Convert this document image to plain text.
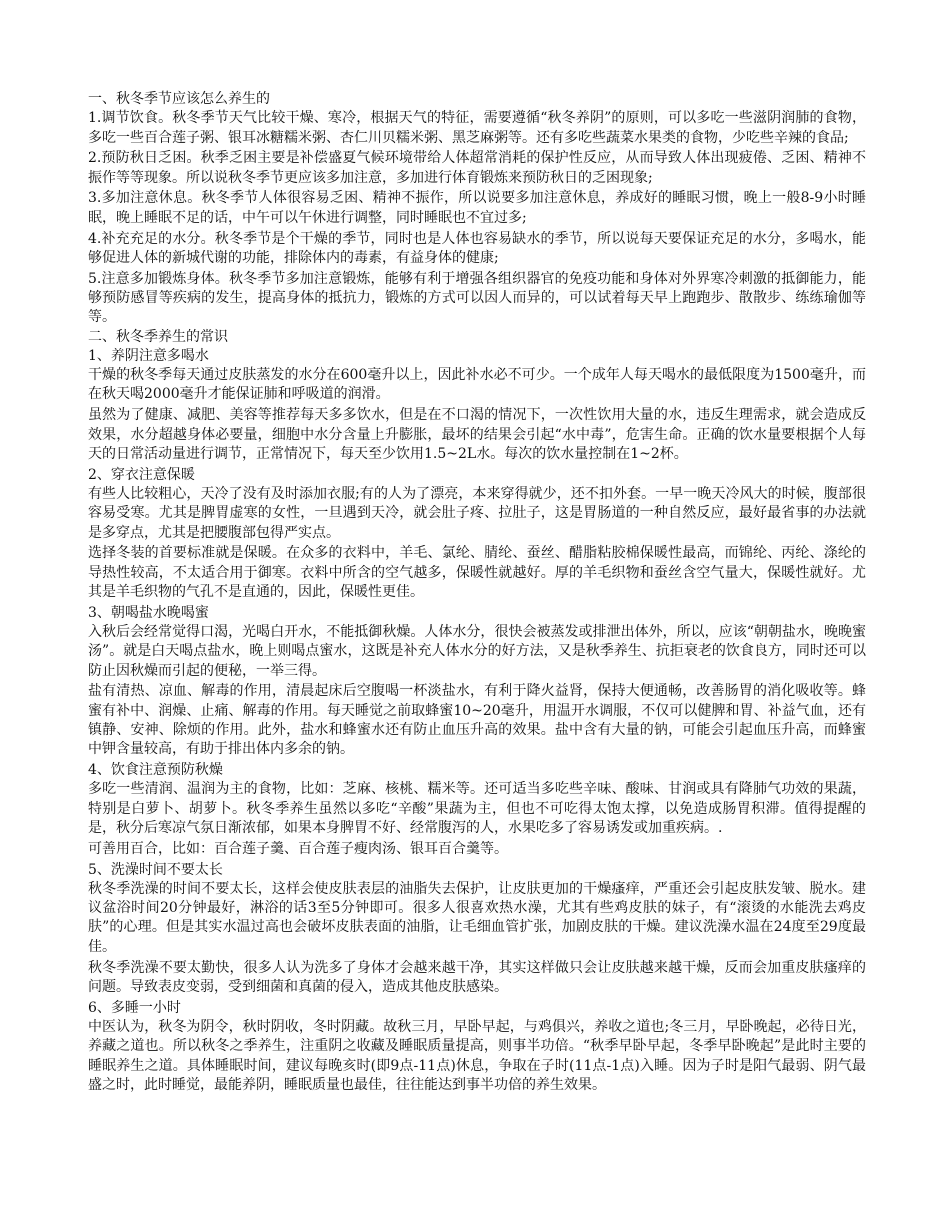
一、秋冬季节应该怎么养生的

1.调节饮食。秋冬季节天气比较干燥、寒冷，根据天气的特征，需要遵循“秋冬养阴”的原则，可以多吃一些滋阴润肺的食物，多吃一些百合莲子粥、银耳冰糖糯米粥、杏仁川贝糯米粥、黑芝麻粥等。还有多吃些蔬菜水果类的食物，少吃些辛辣的食品;

2.预防秋日乏困。秋季乏困主要是补偿盛夏气候环境带给人体超常消耗的保护性反应，从而导致人体出现疲倦、乏困、精神不振作等等现象。所以说秋冬季节更应该多加注意，多加进行体育锻炼来预防秋日的乏困现象;

3.多加注意休息。秋冬季节人体很容易乏困、精神不振作，所以说要多加注意休息，养成好的睡眠习惯，晚上一般8-9小时睡眠，晚上睡眠不足的话，中午可以午休进行调整，同时睡眠也不宜过多;

4.补充充足的水分。秋冬季节是个干燥的季节，同时也是人体也容易缺水的季节，所以说每天要保证充足的水分，多喝水，能够促进人体的新城代谢的功能，排除体内的毒素，有益身体的健康;

5.注意多加锻炼身体。秋冬季节多加注意锻炼，能够有利于增强各组织器官的免疫功能和身体对外界寒冷刺激的抵御能力，能够预防感冒等疾病的发生，提高身体的抵抗力，锻炼的方式可以因人而异的，可以试着每天早上跑跑步、散散步、练练瑜伽等等。

二、秋冬季养生的常识

1、养阴注意多喝水

干燥的秋冬季每天通过皮肤蒸发的水分在600毫升以上，因此补水必不可少。一个成年人每天喝水的最低限度为1500毫升，而在秋天喝2000毫升才能保证肺和呼吸道的润滑。

虽然为了健康、减肥、美容等推荐每天多多饮水，但是在不口渴的情况下，一次性饮用大量的水，违反生理需求，就会造成反效果，水分超越身体必要量，细胞中水分含量上升膨胀，最坏的结果会引起“水中毒”，危害生命。正确的饮水量要根据个人每天的日常活动量进行调节，正常情况下，每天至少饮用1.5~2L水。每次的饮水量控制在1~2杯。

2、穿衣注意保暖

有些人比较粗心，天冷了没有及时添加衣服;有的人为了漂亮，本来穿得就少，还不扣外套。一早一晚天冷风大的时候，腹部很容易受寒。尤其是脾胃虚寒的女性，一旦遇到天冷，就会肚子疼、拉肚子，这是胃肠道的一种自然反应，最好最省事的办法就是多穿点，尤其是把腰腹部包得严实点。

选择冬装的首要标准就是保暖。在众多的衣料中，羊毛、氯纶、腈纶、蚕丝、醋脂粘胶棉保暖性最高，而锦纶、丙纶、涤纶的导热性较高，不太适合用于御寒。衣料中所含的空气越多，保暖性就越好。厚的羊毛织物和蚕丝含空气量大，保暖性就好。尤其是羊毛织物的气孔不是直通的，因此，保暖性更佳。

3、朝喝盐水晚喝蜜

入秋后会经常觉得口渴，光喝白开水，不能抵御秋燥。人体水分，很快会被蒸发或排泄出体外，所以，应该“朝朝盐水，晚晚蜜汤”。就是白天喝点盐水，晚上则喝点蜜水，这既是补充人体水分的好方法，又是秋季养生、抗拒衰老的饮食良方，同时还可以防止因秋燥而引起的便秘，一举三得。

盐有清热、凉血、解毒的作用，清晨起床后空腹喝一杯淡盐水，有利于降火益肾，保持大便通畅，改善肠胃的消化吸收等。蜂蜜有补中、润燥、止痛、解毒的作用。每天睡觉之前取蜂蜜10~20毫升，用温开水调服，不仅可以健脾和胃、补益气血，还有镇静、安神、除烦的作用。此外，盐水和蜂蜜水还有防止血压升高的效果。盐中含有大量的钠，可能会引起血压升高，而蜂蜜中钾含量较高，有助于排出体内多余的钠。

4、饮食注意预防秋燥

多吃一些清润、温润为主的食物，比如：芝麻、核桃、糯米等。还可适当多吃些辛味、酸味、甘润或具有降肺气功效的果蔬，特别是白萝卜、胡萝卜。秋冬季养生虽然以多吃“辛酸”果蔬为主，但也不可吃得太饱太撑，以免造成肠胃积滞。值得提醒的是，秋分后寒凉气氛日渐浓郁，如果本身脾胃不好、经常腹泻的人，水果吃多了容易诱发或加重疾病。.

可善用百合，比如：百合莲子羹、百合莲子瘦肉汤、银耳百合羹等。

5、洗澡时间不要太长

秋冬季洗澡的时间不要太长，这样会使皮肤表层的油脂失去保护，让皮肤更加的干燥瘙痒，严重还会引起皮肤发皱、脱水。建议盆浴时间20分钟最好，淋浴的话3至5分钟即可。很多人很喜欢热水澡，尤其有些鸡皮肤的妹子，有“滚烫的水能洗去鸡皮肤”的心理。但是其实水温过高也会破坏皮肤表面的油脂，让毛细血管扩张，加剧皮肤的干燥。建议洗澡水温在24度至29度最佳。

秋冬季洗澡不要太勤快，很多人认为洗多了身体才会越来越干净，其实这样做只会让皮肤越来越干燥，反而会加重皮肤瘙痒的问题。导致表皮变弱，受到细菌和真菌的侵入，造成其他皮肤感染。

6、多睡一小时

中医认为，秋冬为阴令，秋时阴收，冬时阴藏。故秋三月，早卧早起，与鸡俱兴，养收之道也;冬三月，早卧晚起，必待日光，养藏之道也。所以秋冬之季养生，注重阴之收藏及睡眠质量提高，则事半功倍。“秋季早卧早起，冬季早卧晚起”是此时主要的睡眠养生之道。具体睡眠时间，建议每晚亥时(即9点-11点)休息，争取在子时(11点-1点)入睡。因为子时是阳气最弱、阴气最盛之时，此时睡觉，最能养阴，睡眠质量也最佳，往往能达到事半功倍的养生效果。
